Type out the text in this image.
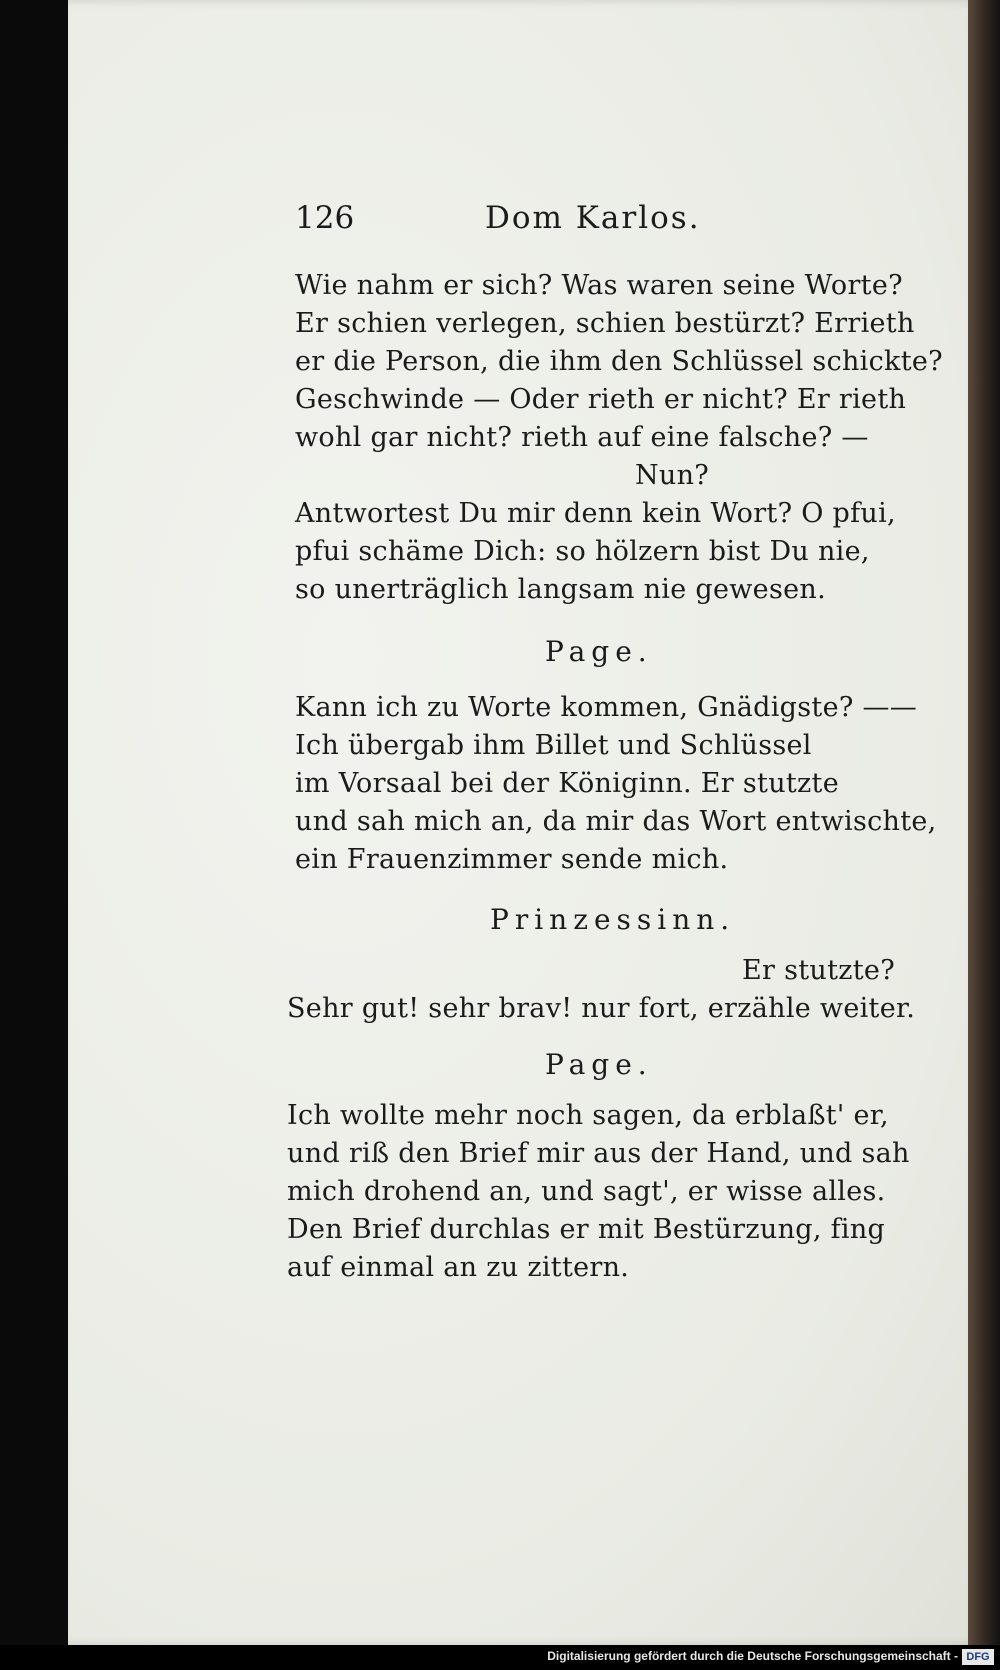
126	Dom Karlos.
Wie nahm er sich? Was waren seine Worte?
Er schien verlegen, schien bestürzt? Errieth
er die Person, die ihm den Schlüssel schickte?
Geschwinde — Oder rieth er nicht? Er rieth
wohl gar nicht? rieth auf eine falsche? —
Nun?
Antwortest Du mir denn kein Wort? O pfui,
pfui schäme Dich: so hölzern bist Du nie,
so unerträglich langsam nie gewesen.
Page.
Kann ich zu Worte kommen, Gnädigste? ——
Ich übergab ihm Billet und Schlüssel
im Vorsaal bei der Königinn. Er stutzte
und sah mich an, da mir das Wort entwischte,
ein Frauenzimmer sende mich.
Prinzessinn.
Er stutzte?
Sehr gut! sehr brav! nur fort, erzähle weiter.
Page.
Ich wollte mehr noch sagen, da erblaßt' er,
und riß den Brief mir aus der Hand, und sah
mich drohend an, und sagt', er wisse alles.
Den Brief durchlas er mit Bestürzung, fing
auf einmal an zu zittern.
Digitalisierung gefördert durch die Deutsche Forschungsgemeinschaft - DFG
